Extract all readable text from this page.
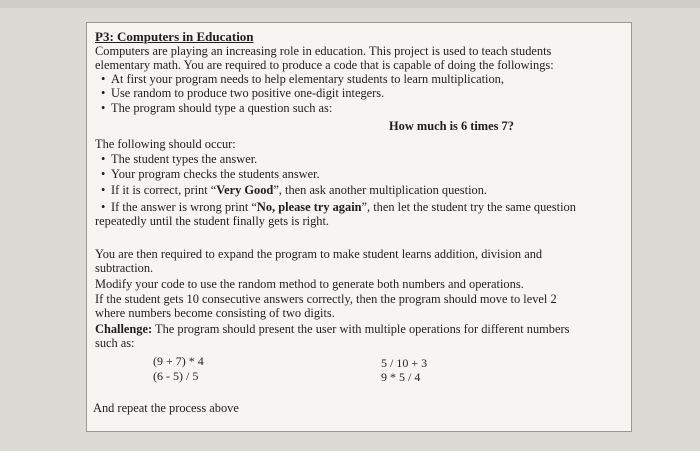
P3: Computers in Education
Computers are playing an increasing role in education. This project is used to teach students
elementary math. You are required to produce a code that is capable of doing the followings:
• At first your program needs to help elementary students to learn multiplication,
• Use random to produce two positive one-digit integers.
• The program should type a question such as:
How much is 6 times 7?
The following should occur:
• The student types the answer.
• Your program checks the students answer.
• If it is correct, print “Very Good”, then ask another multiplication question.
• If the answer is wrong print “No, please try again”, then let the student try the same question
repeatedly until the student finally gets is right.
You are then required to expand the program to make student learns addition, division and
subtraction.
Modify your code to use the random method to generate both numbers and operations.
If the student gets 10 consecutive answers correctly, then the program should move to level 2
where numbers become consisting of two digits.
Challenge: The program should present the user with multiple operations for different numbers
such as:
(9 + 7) * 4
(6 - 5) / 5
5 / 10 + 3
9 * 5 / 4
And repeat the process above
